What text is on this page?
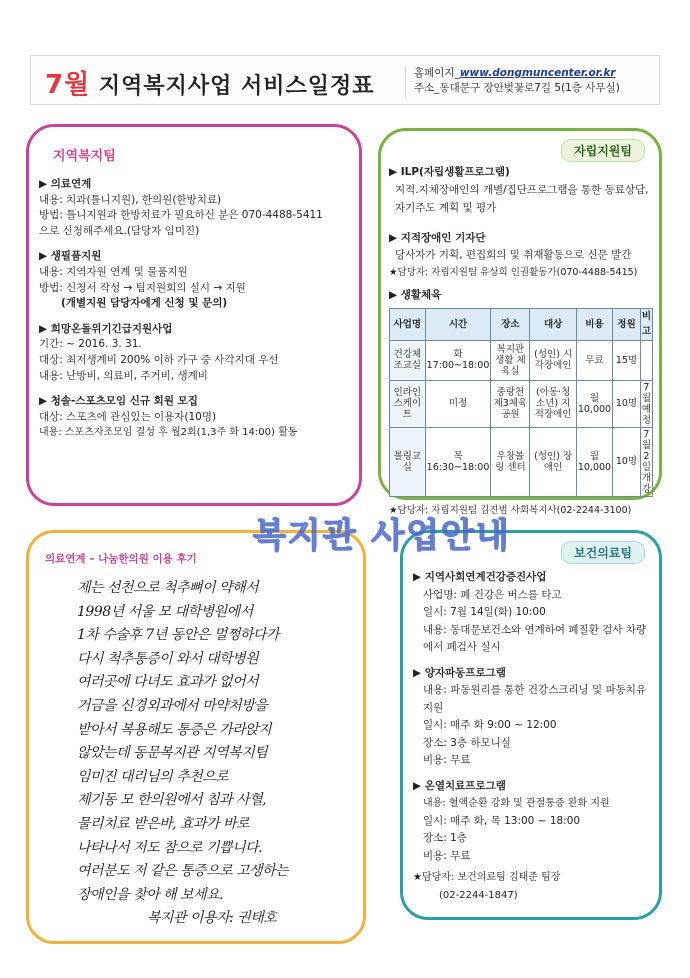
7월 지역복지사업 서비스일정표
홈페이지_www.dongmuncenter.or.kr
주소_동대문구 장안벚꽃로7길 5(1층 사무실)
지역복지팀
▶ 의료연계
내용: 치과(틀니지원), 한의원(한방치료)
방법: 틀니지원과 한방치료가 필요하신 분은 070-4488-5411
으로 신청해주세요.(담당자 임미진)
▶ 생필품지원
내용: 지역자원 연계 및 물품지원
방법: 신청서 작성 → 팀지원회의 실시 → 지원
(개별지원 담당자에게 신청 및 문의)
▶ 희망온돌위기긴급지원사업
기간: ~ 2016. 3. 31.
대상: 최저생계비 200% 이하 가구 중 사각지대 우선
내용: 난방비, 의료비, 주거비, 생계비
▶ 청솔-스포츠모임 신규 회원 모집
대상: 스포츠에 관심있는 이용자(10명)
내용: 스포츠자조모임 결성 후 월2회(1,3주 화 14:00) 활동
자립지원팀
▶ ILP(자립생활프로그램)
지적.지체장애인의 개별/집단프로그램을 통한 동료상담, 자기주도 계획 및 평가
▶ 지적장애인 기자단
당사자가 기획, 편집회의 및 취재활동으로 신문 발간
★담당자: 자립지원팀 유상희 인권활동가(070-4488-5415)
▶ 생활체육
사업명	시간	장소	대상	비용	정원	비고
건강체조교실	화 17:00~18:00	복지관 생활 체육실	(성인) 시각장애인	무료	15명	
인라인 스케이트	미정	중랑천 제3체육 공원	(아동·청소년) 지적장애인	월 10,000	10명	7월 예정
볼링교실	목 16:30~18:00	우창볼링 센터	(성인) 장애인	월 10,000	10명	7월 2일 개강
★담당자: 자립지원팀 김진범 사회복지사(02-2244-3100)
의료연계 – 나눔한의원 이용 후기
제는 선천으로 척추뼈이 약해서
1998년 서울 모 대학병원에서
1차 수술후 7년 동안은 멀쩡하다가
다시 척추통증이 와서 대학병원
여러곳에 다녀도 효과가 없어서
거금을 신경외과에서 마약처방을
받아서 복용해도 통증은 가라앉지
않았는데 동문복지관 지역복지팀
임미진 대리님의 추천으로
제기동 모 한의원에서 침과 사혈,
물리치료 받은바, 효과가 바로
나타나서 저도 참으로 기쁩니다.
여러분도 저 같은 통증으로 고생하는
장애인을 찾아 해 보세요.
복지관 이용자: 권태호
보건의료팀
▶ 지역사회연계건강증진사업
사업명: 폐 건강은 버스를 타고
일시: 7월 14일(화) 10:00
내용: 동대문보건소와 연계하여 폐질환 검사 차량에서 폐검사 실시
▶ 양자파동프로그램
내용: 파동원리를 통한 건강스크리닝 및 파동치유 지원
일시: 매주 화 9:00 ~ 12:00
장소: 3층 하모니실
비용: 무료
▶ 온열치료프로그램
내용: 혈액순환 강화 및 관절통증 완화 지원
일시: 매주 화, 목 13:00 ~ 18:00
장소: 1층
비용: 무료
★담당자: 보건의료팀 김태준 팀장
(02-2244-1847)
복지관 사업안내
